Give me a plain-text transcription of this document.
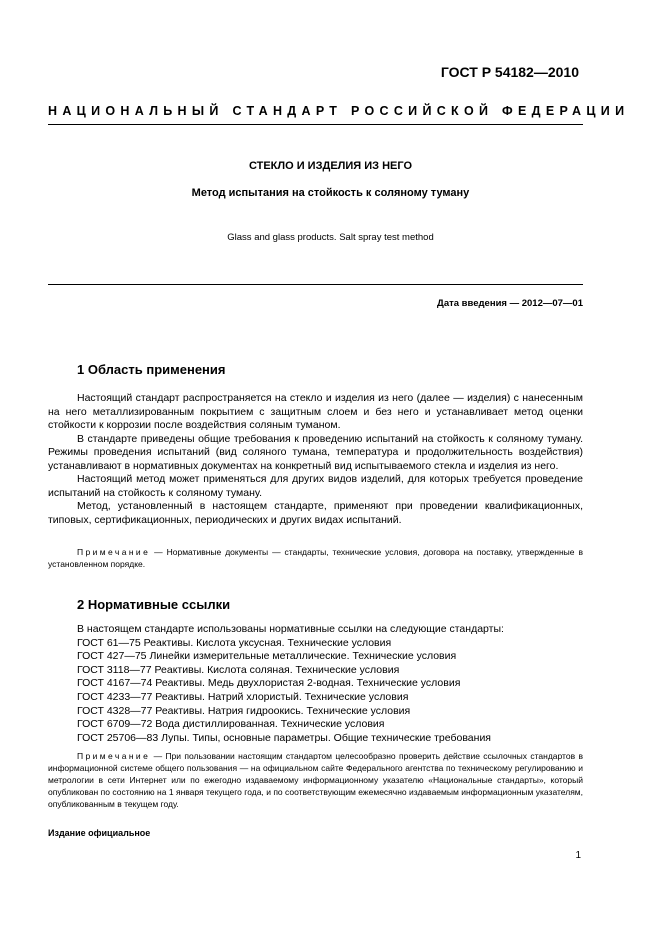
ГОСТ Р 54182—2010
НАЦИОНАЛЬНЫЙ СТАНДАРТ РОССИЙСКОЙ ФЕДЕРАЦИИ
СТЕКЛО И ИЗДЕЛИЯ ИЗ НЕГО
Метод испытания на стойкость к соляному туману
Glass and glass products. Salt spray test method
Дата введения — 2012—07—01
1 Область применения

Настоящий стандарт распространяется на стекло и изделия из него (далее — изделия) с нанесенным на него металлизированным покрытием с защитным слоем и без него и устанавливает метод оценки стойкости к коррозии после воздействия соляным туманом.

В стандарте приведены общие требования к проведению испытаний на стойкость к соляному туману. Режимы проведения испытаний (вид соляного тумана, температура и продолжительность воздействия) устанавливают в нормативных документах на конкретный вид испытываемого стекла и изделия из него.

Настоящий метод может применяться для других видов изделий, для которых требуется проведение испытаний на стойкость к соляному туману.

Метод, установленный в настоящем стандарте, применяют при проведении квалификационных, типовых, сертификационных, периодических и других видах испытаний.

Примечание — Нормативные документы — стандарты, технические условия, договора на поставку, утвержденные в установленном порядке.

2 Нормативные ссылки
В настоящем стандарте использованы нормативные ссылки на следующие стандарты:
ГОСТ 61—75 Реактивы. Кислота уксусная. Технические условия
ГОСТ 427—75 Линейки измерительные металлические. Технические условия
ГОСТ 3118—77 Реактивы. Кислота соляная. Технические условия
ГОСТ 4167—74 Реактивы. Медь двухлористая 2-водная. Технические условия
ГОСТ 4233—77 Реактивы. Натрий хлористый. Технические условия
ГОСТ 4328—77 Реактивы. Натрия гидроокись. Технические условия
ГОСТ 6709—72 Вода дистиллированная. Технические условия
ГОСТ 25706—83 Лупы. Типы, основные параметры. Общие технические требования

Примечание — При пользовании настоящим стандартом целесообразно проверить действие ссылочных стандартов в информационной системе общего пользования — на официальном сайте Федерального агентства по техническому регулированию и метрологии в сети Интернет или по ежегодно издаваемому информационному указателю «Национальные стандарты», который опубликован по состоянию на 1 января текущего года, и по соответствующим ежемесячно издаваемым информационным указателям, опубликованным в текущем году.

Издание официальное
1
